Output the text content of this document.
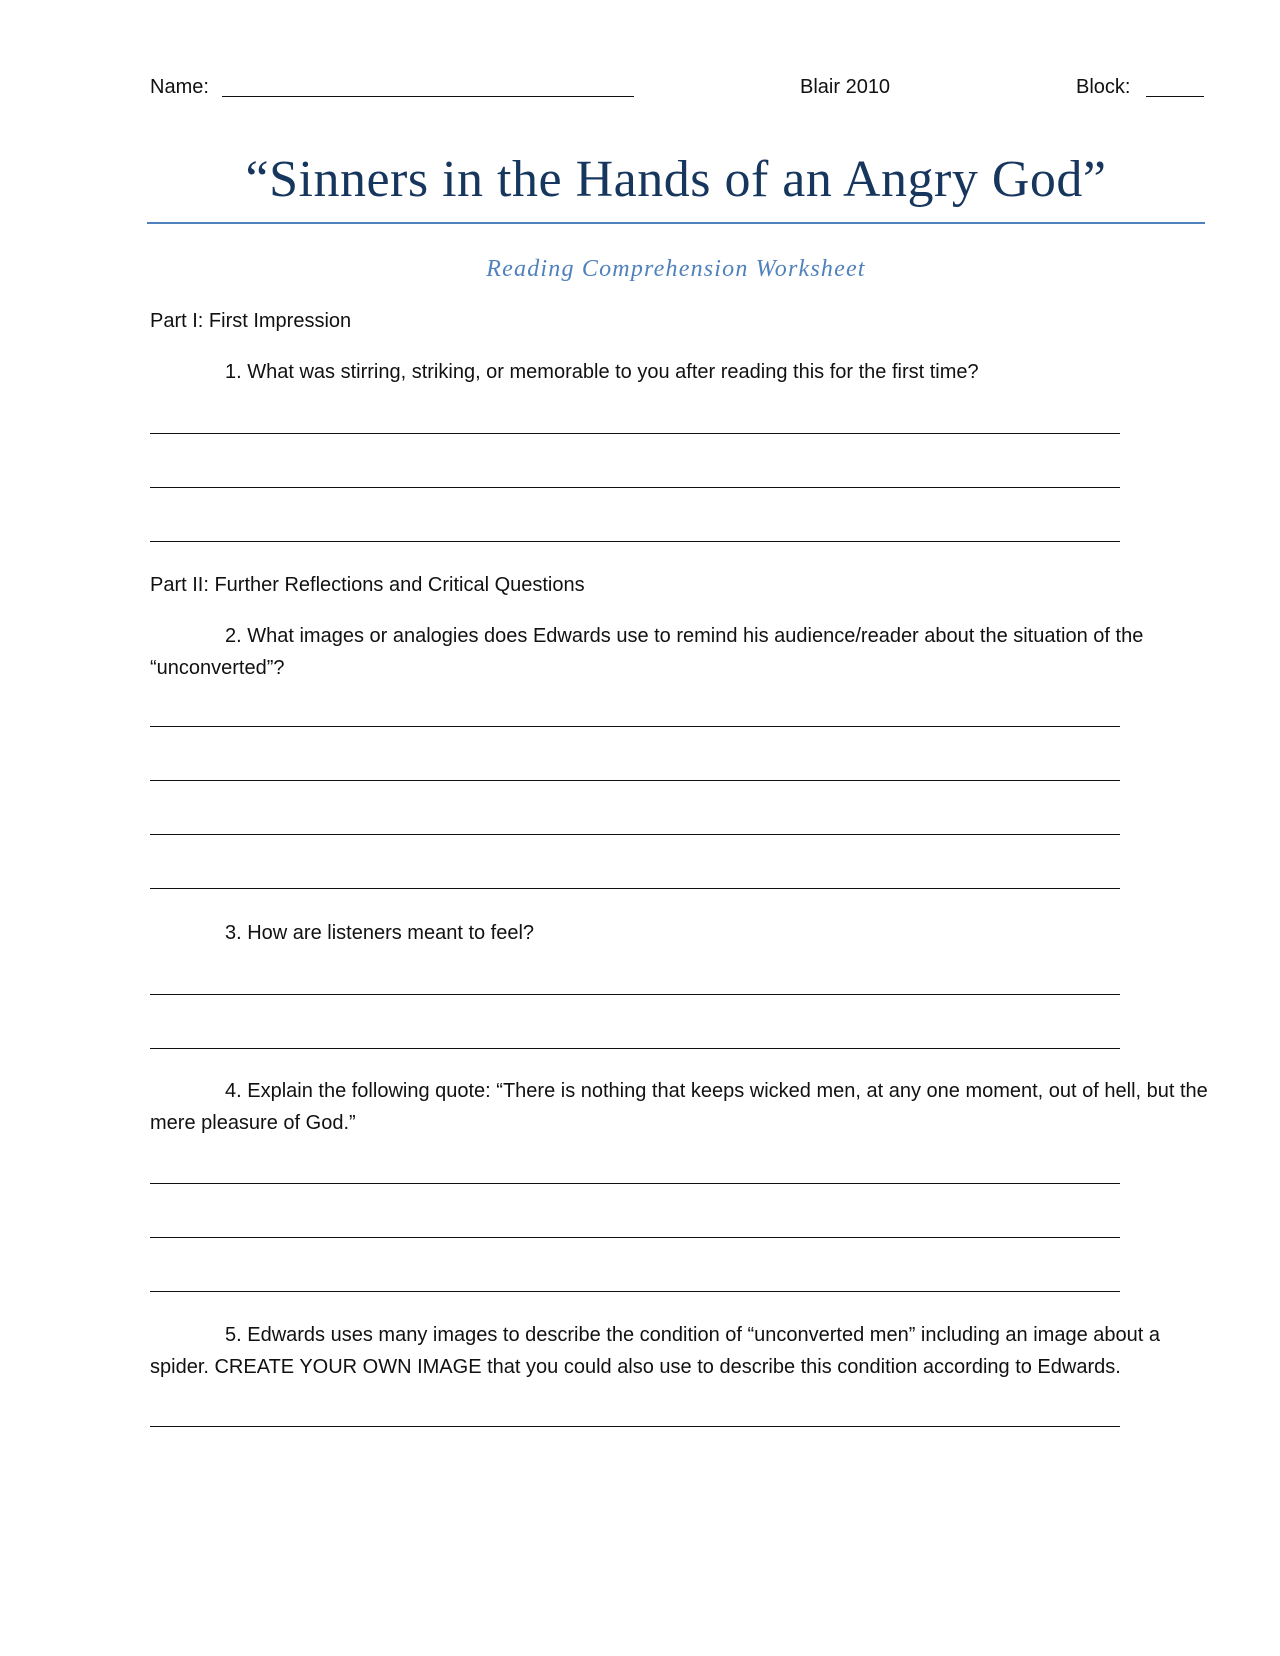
Name:	Blair 2010	Block:
“Sinners in the Hands of an Angry God”
Reading Comprehension Worksheet
Part I: First Impression
1. What was stirring, striking, or memorable to you after reading this for the first time?
Part II: Further Reflections and Critical Questions
2. What images or analogies does Edwards use to remind his audience/reader about the situation of the “unconverted”?
3. How are listeners meant to feel?
4. Explain the following quote: “There is nothing that keeps wicked men, at any one moment, out of hell, but the mere pleasure of God.”
5. Edwards uses many images to describe the condition of “unconverted men” including an image about a spider. CREATE YOUR OWN IMAGE that you could also use to describe this condition according to Edwards.
